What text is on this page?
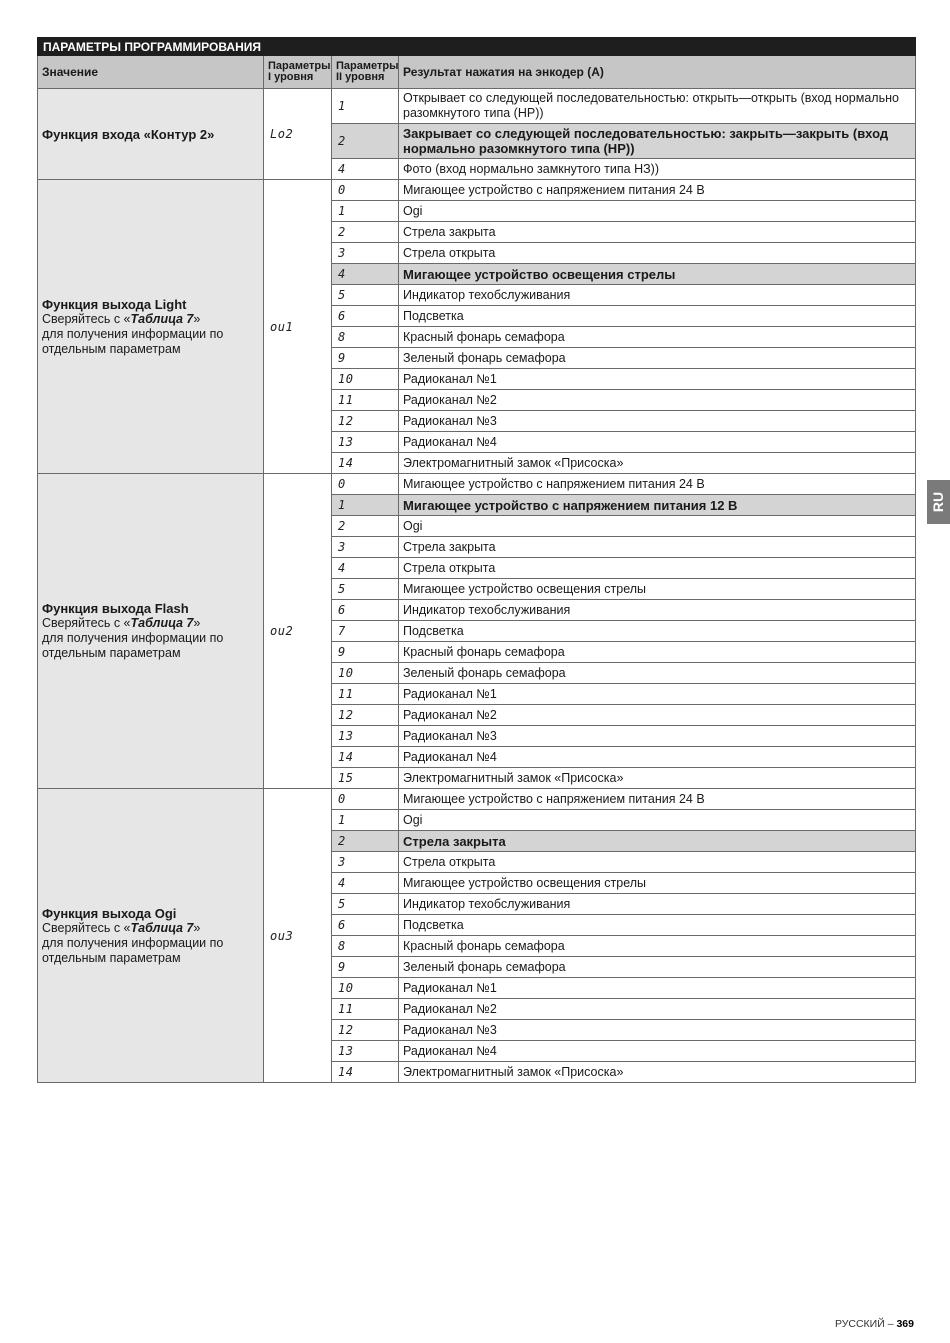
ПАРАМЕТРЫ ПРОГРАММИРОВАНИЯ			
Значение	Параметры I уровня	Параметры II уровня	Результат нажатия на энкодер (A)

Функция входа «Контур 2»	Lo2	1	Открывает со следующей последовательностью: открыть—открыть (вход нормально разомкнутого типа (НР))
		2	Закрывает со следующей последовательностью: закрыть—закрыть (вход нормально разомкнутого типа (НР))
		4	Фото (вход нормально замкнутого типа НЗ))

Функция выхода Light
Сверяйтесь с «Таблица 7»
для получения информации по отдельным параметрам	ou1	0	Мигающее устройство с напряжением питания 24 В
		1	Ogi
		2	Стрела закрыта
		3	Стрела открыта
		4	Мигающее устройство освещения стрелы
		5	Индикатор техобслуживания
		6	Подсветка
		8	Красный фонарь семафора
		9	Зеленый фонарь семафора
		10	Радиоканал №1
		11	Радиоканал №2
		12	Радиоканал №3
		13	Радиоканал №4
		14	Электромагнитный замок «Присоска»

Функция выхода Flash
Сверяйтесь с «Таблица 7»
для получения информации по отдельным параметрам	ou2	0	Мигающее устройство с напряжением питания 24 В
		1	Мигающее устройство с напряжением питания 12 В
		2	Ogi
		3	Стрела закрыта
		4	Стрела открыта
		5	Мигающее устройство освещения стрелы
		6	Индикатор техобслуживания
		7	Подсветка
		9	Красный фонарь семафора
		10	Зеленый фонарь семафора
		11	Радиоканал №1
		12	Радиоканал №2
		13	Радиоканал №3
		14	Радиоканал №4
		15	Электромагнитный замок «Присоска»

Функция выхода Ogi
Сверяйтесь с «Таблица 7»
для получения информации по отдельным параметрам	ou3	0	Мигающее устройство с напряжением питания 24 В
		1	Ogi
		2	Стрела закрыта
		3	Стрела открыта
		4	Мигающее устройство освещения стрелы
		5	Индикатор техобслуживания
		6	Подсветка
		8	Красный фонарь семафора
		9	Зеленый фонарь семафора
		10	Радиоканал №1
		11	Радиоканал №2
		12	Радиоканал №3
		13	Радиоканал №4
		14	Электромагнитный замок «Присоска»
RU
РУССКИЙ – 369
